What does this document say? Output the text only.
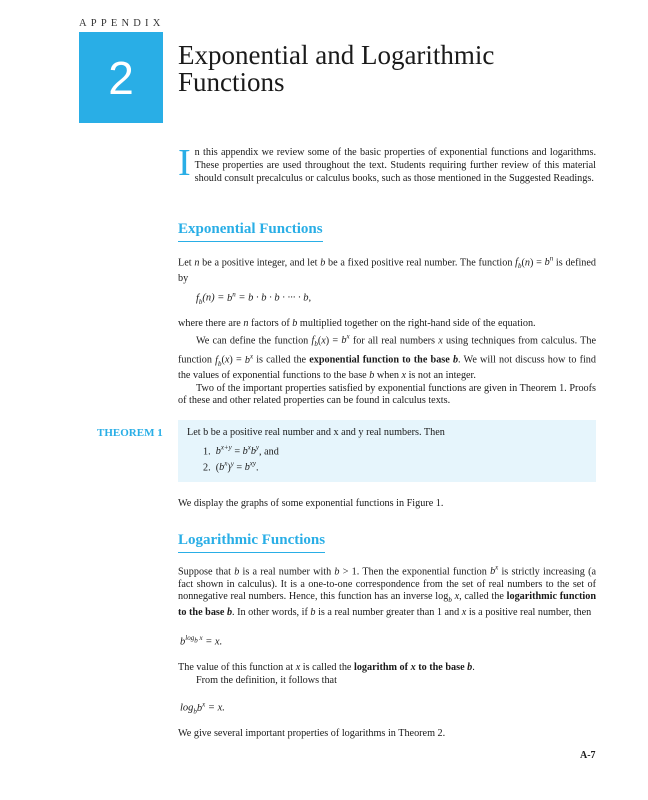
APPENDIX
2	Exponential and Logarithmic
Functions
In this appendix we review some of the basic properties of exponential functions and logarithms. These properties are used throughout the text. Students requiring further review of this material should consult precalculus or calculus books, such as those mentioned in the Suggested Readings.
Exponential Functions

Let n be a positive integer, and let b be a fixed positive real number. The function $f_b(n) = b^n$ is defined by

$f_b(n) = b^n = b \cdot b \cdot b$ · ··· · b,

where there are n factors of b multiplied together on the right-hand side of the equation.

We can define the function $f_b(x) = b^x$ for all real numbers x using techniques from calculus. The function $f_b(x) = b^x$ is called the exponential function to the base b. We will not discuss how to find the values of exponential functions to the base b when x is not an integer.

Two of the important properties satisfied by exponential functions are given in Theorem 1. Proofs of these and other related properties can be found in calculus texts.

THEOREM 1 Let b be a positive real number and x and y real numbers. Then
1.  $b^{x+y} = b^xb^y$, and
2.  $(b^x)^y = b^{xy}$.
We display the graphs of some exponential functions in Figure 1.
Logarithmic Functions

Suppose that b is a real number with b > 1. Then the exponential function $b^x$ is strictly increasing (a fact shown in calculus). It is a one-to-one correspondence from the set of real numbers to the set of nonnegative real numbers. Hence, this function has an inverse $\log_b x$, called the logarithmic function to the base b. In other words, if b is a real number greater than 1 and x is a positive real number, then

$b^{log_b x} = x$.

The value of this function at x is called the logarithm of x to the base b.

From the definition, it follows that

$\log_bb^x = x$.
We give several important properties of logarithms in Theorem 2.
A-7
